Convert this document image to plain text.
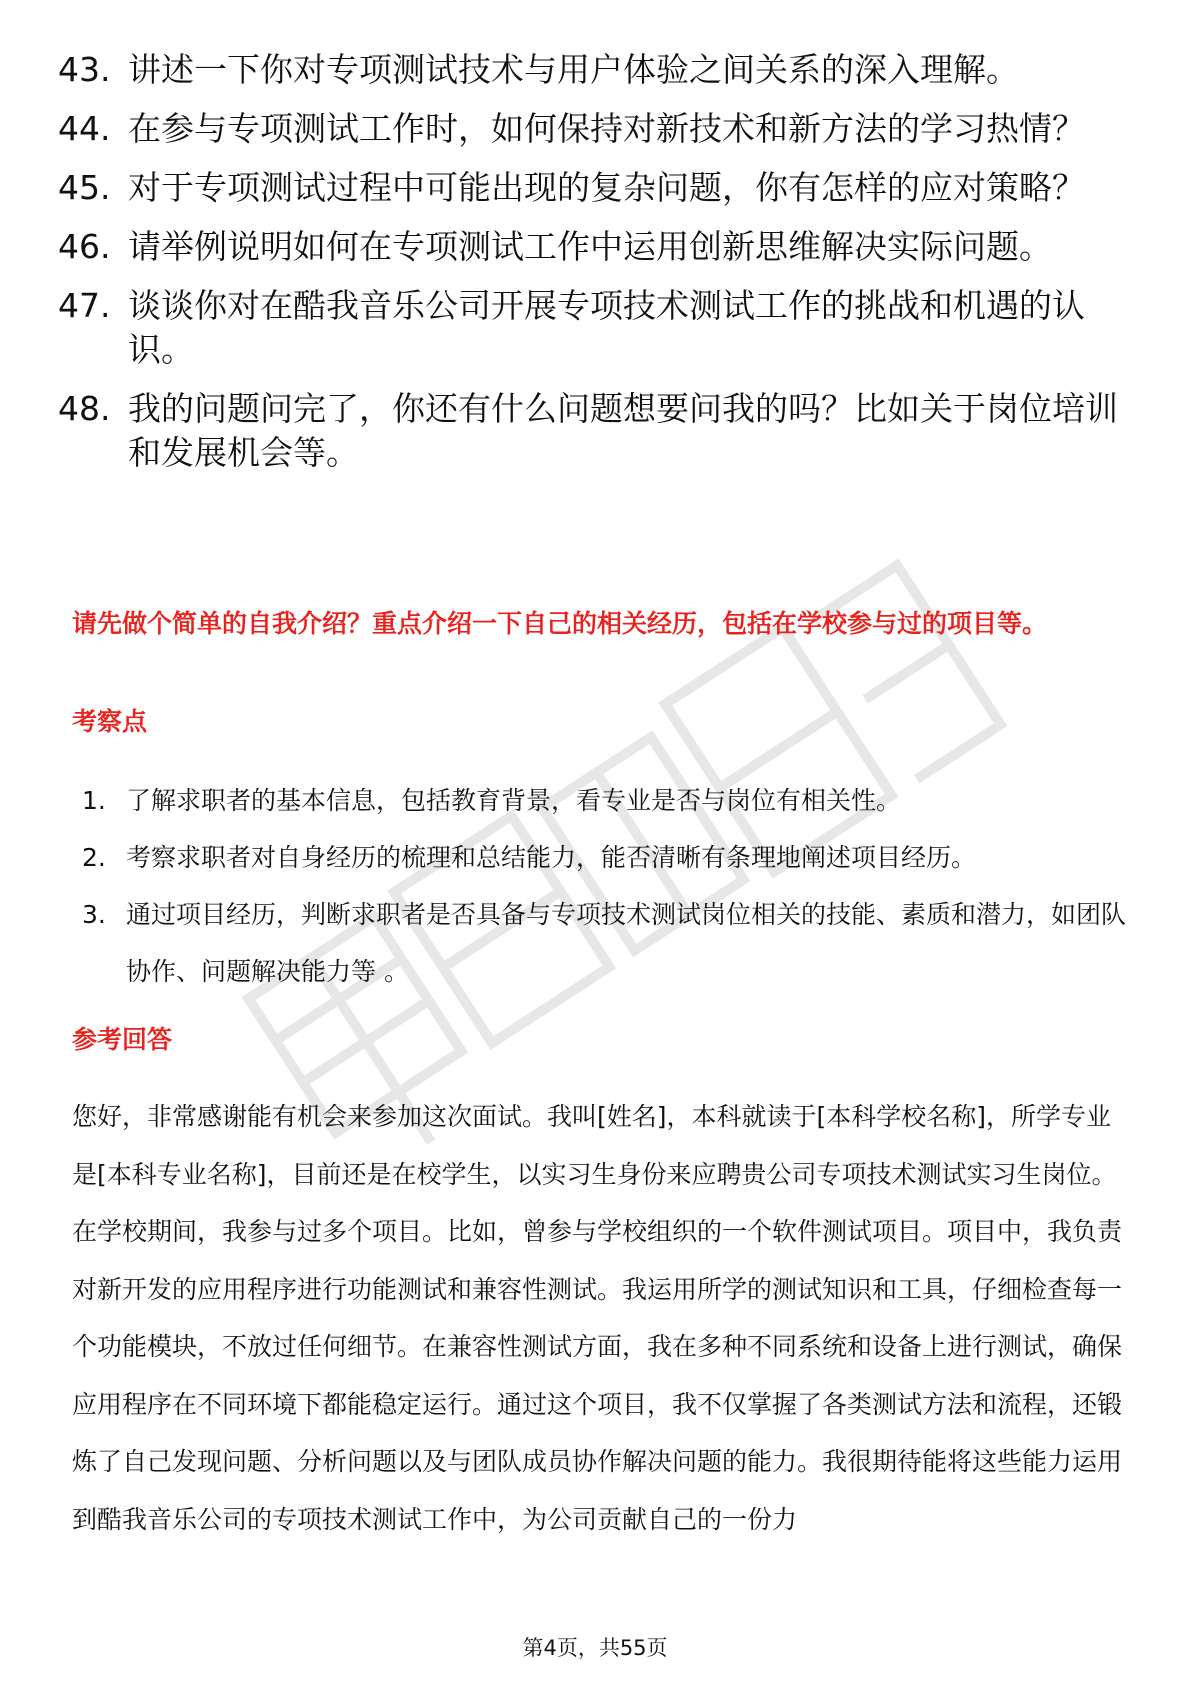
43. 讲述一下你对专项测试技术与用户体验之间关系的深入理解。
44. 在参与专项测试工作时，如何保持对新技术和新方法的学习热情？
45. 对于专项测试过程中可能出现的复杂问题，你有怎样的应对策略？
46. 请举例说明如何在专项测试工作中运用创新思维解决实际问题。
47. 谈谈你对在酷我音乐公司开展专项技术测试工作的挑战和机遇的认识。
48. 我的问题问完了，你还有什么问题想要问我的吗？比如关于岗位培训和发展机会等。
请先做个简单的自我介绍？重点介绍一下自己的相关经历，包括在学校参与过的项目等。
考察点
1. 了解求职者的基本信息，包括教育背景，看专业是否与岗位有相关性。
2. 考察求职者对自身经历的梳理和总结能力，能否清晰有条理地阐述项目经历。
3. 通过项目经历，判断求职者是否具备与专项技术测试岗位相关的技能、素质和潜力，如团队协作、问题解决能力等 。
参考回答

您好，非常感谢能有机会来参加这次面试。我叫[姓名]，本科就读于[本科学校名称]，所学专业是[本科专业名称]，目前还是在校学生，以实习生身份来应聘贵公司专项技术测试实习生岗位。 在学校期间，我参与过多个项目。比如，曾参与学校组织的一个软件测试项目。项目中，我负责对新开发的应用程序进行功能测试和兼容性测试。我运用所学的测试知识和工具，仔细检查每一个功能模块，不放过任何细节。在兼容性测试方面，我在多种不同系统和设备上进行测试，确保应用程序在不同环境下都能稳定运行。通过这个项目，我不仅掌握了各类测试方法和流程，还锻炼了自己发现问题、分析问题以及与团队成员协作解决问题的能力。我很期待能将这些能力运用到酷我音乐公司的专项技术测试工作中，为公司贡献自己的一份力

第4页，共55页
